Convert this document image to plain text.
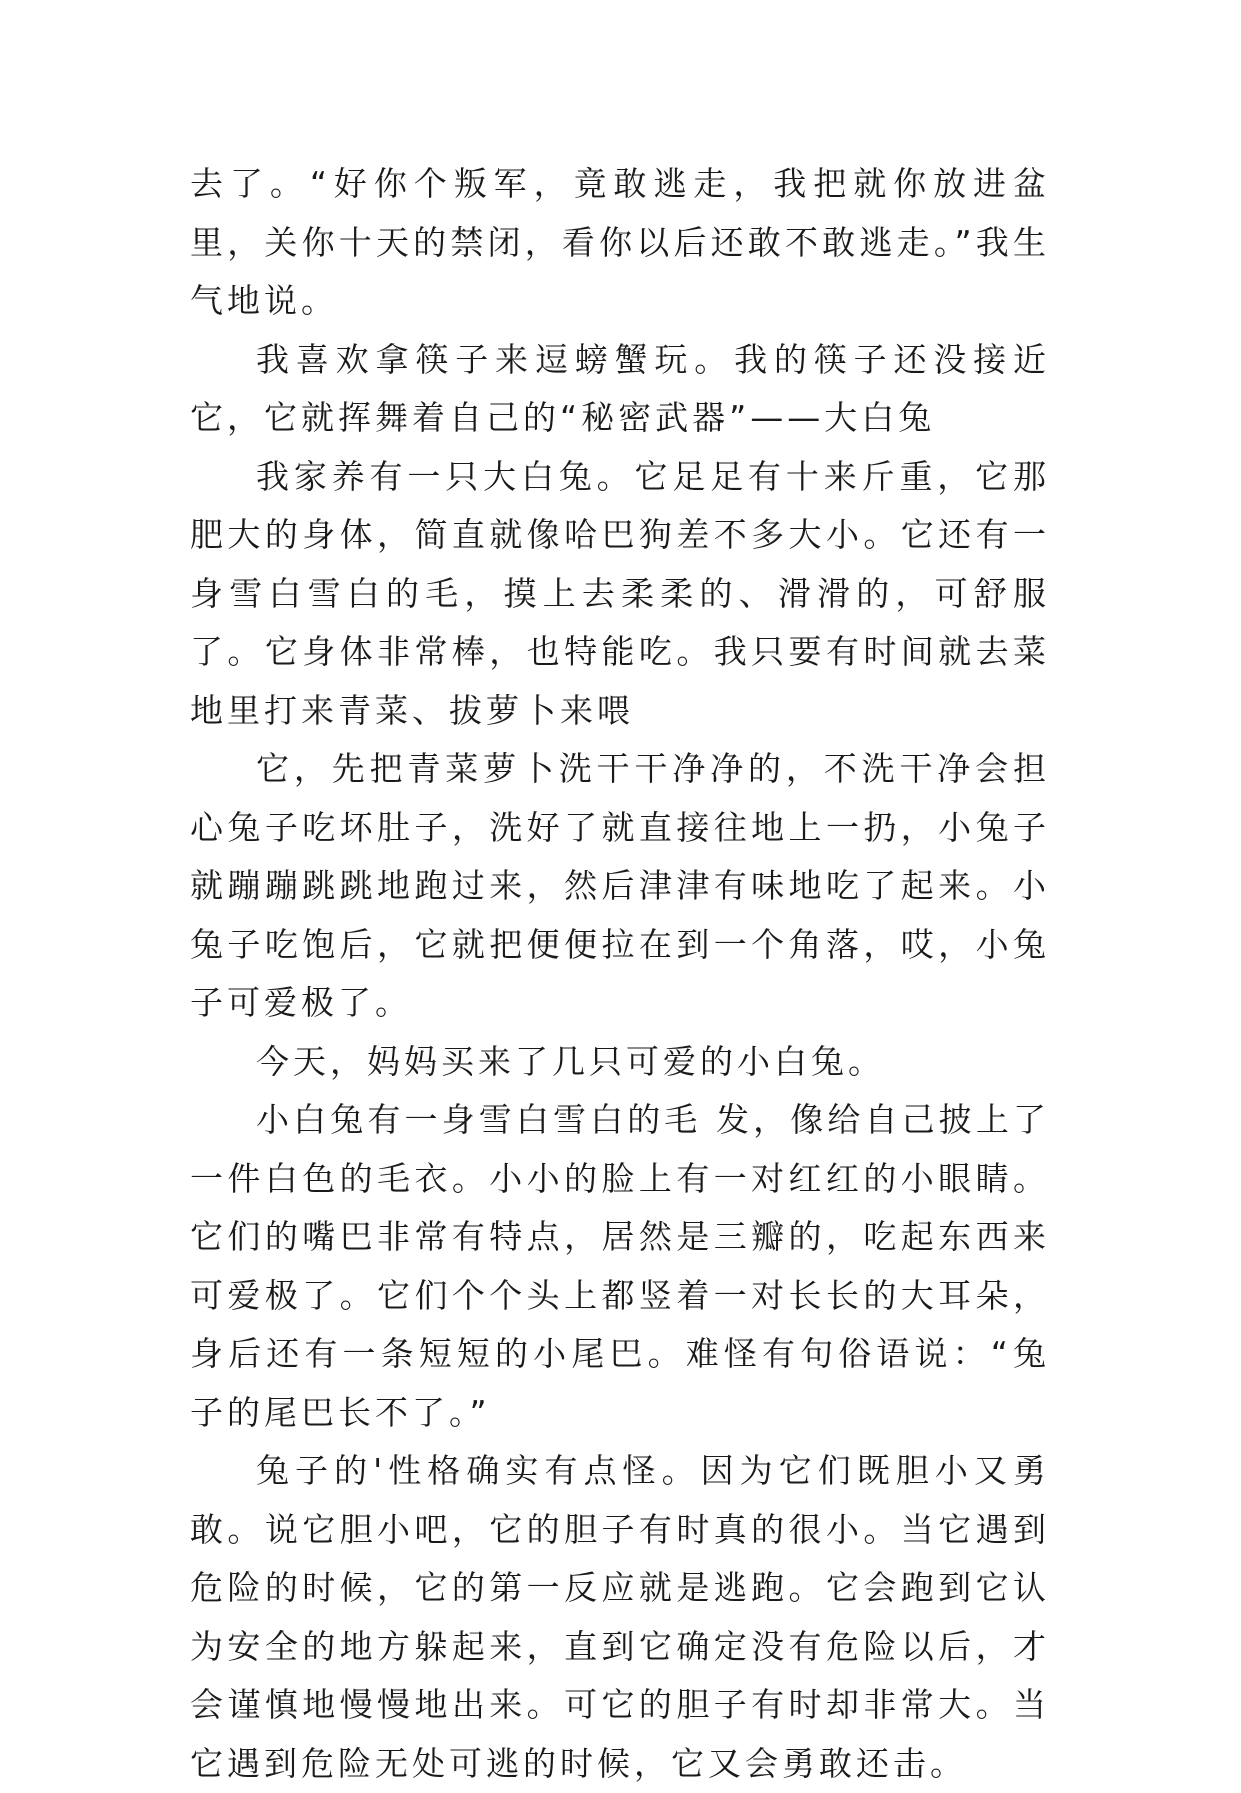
去了。“好你个叛军，竟敢逃走，我把就你放进盆里，关你十天的禁闭，看你以后还敢不敢逃走。”我生气地说。

我喜欢拿筷子来逗螃蟹玩。我的筷子还没接近它，它就挥舞着自己的“秘密武器”——大白兔

我家养有一只大白兔。它足足有十来斤重，它那肥大的身体，简直就像哈巴狗差不多大小。它还有一身雪白雪白的毛，摸上去柔柔的、滑滑的，可舒服了。它身体非常棒，也特能吃。我只要有时间就去菜地里打来青菜、拔萝卜来喂

它，先把青菜萝卜洗干干净净的，不洗干净会担心兔子吃坏肚子，洗好了就直接往地上一扔，小兔子就蹦蹦跳跳地跑过来，然后津津有味地吃了起来。小兔子吃饱后，它就把便便拉在到一个角落，哎，小兔子可爱极了。

今天，妈妈买来了几只可爱的小白兔。

小白兔有一身雪白雪白的毛 发，像给自己披上了一件白色的毛衣。小小的脸上有一对红红的小眼睛。它们的嘴巴非常有特点，居然是三瓣的，吃起东西来可爱极了。它们个个头上都竖着一对长长的大耳朵，身后还有一条短短的小尾巴。难怪有句俗语说：“兔子的尾巴长不了。”

兔子的'性格确实有点怪。因为它们既胆小又勇敢。说它胆小吧，它的胆子有时真的很小。当它遇到危险的时候，它的第一反应就是逃跑。它会跑到它认为安全的地方躲起来，直到它确定没有危险以后，才会谨慎地慢慢地出来。可它的胆子有时却非常大。当它遇到危险无处可逃的时候，它又会勇敢还击。
